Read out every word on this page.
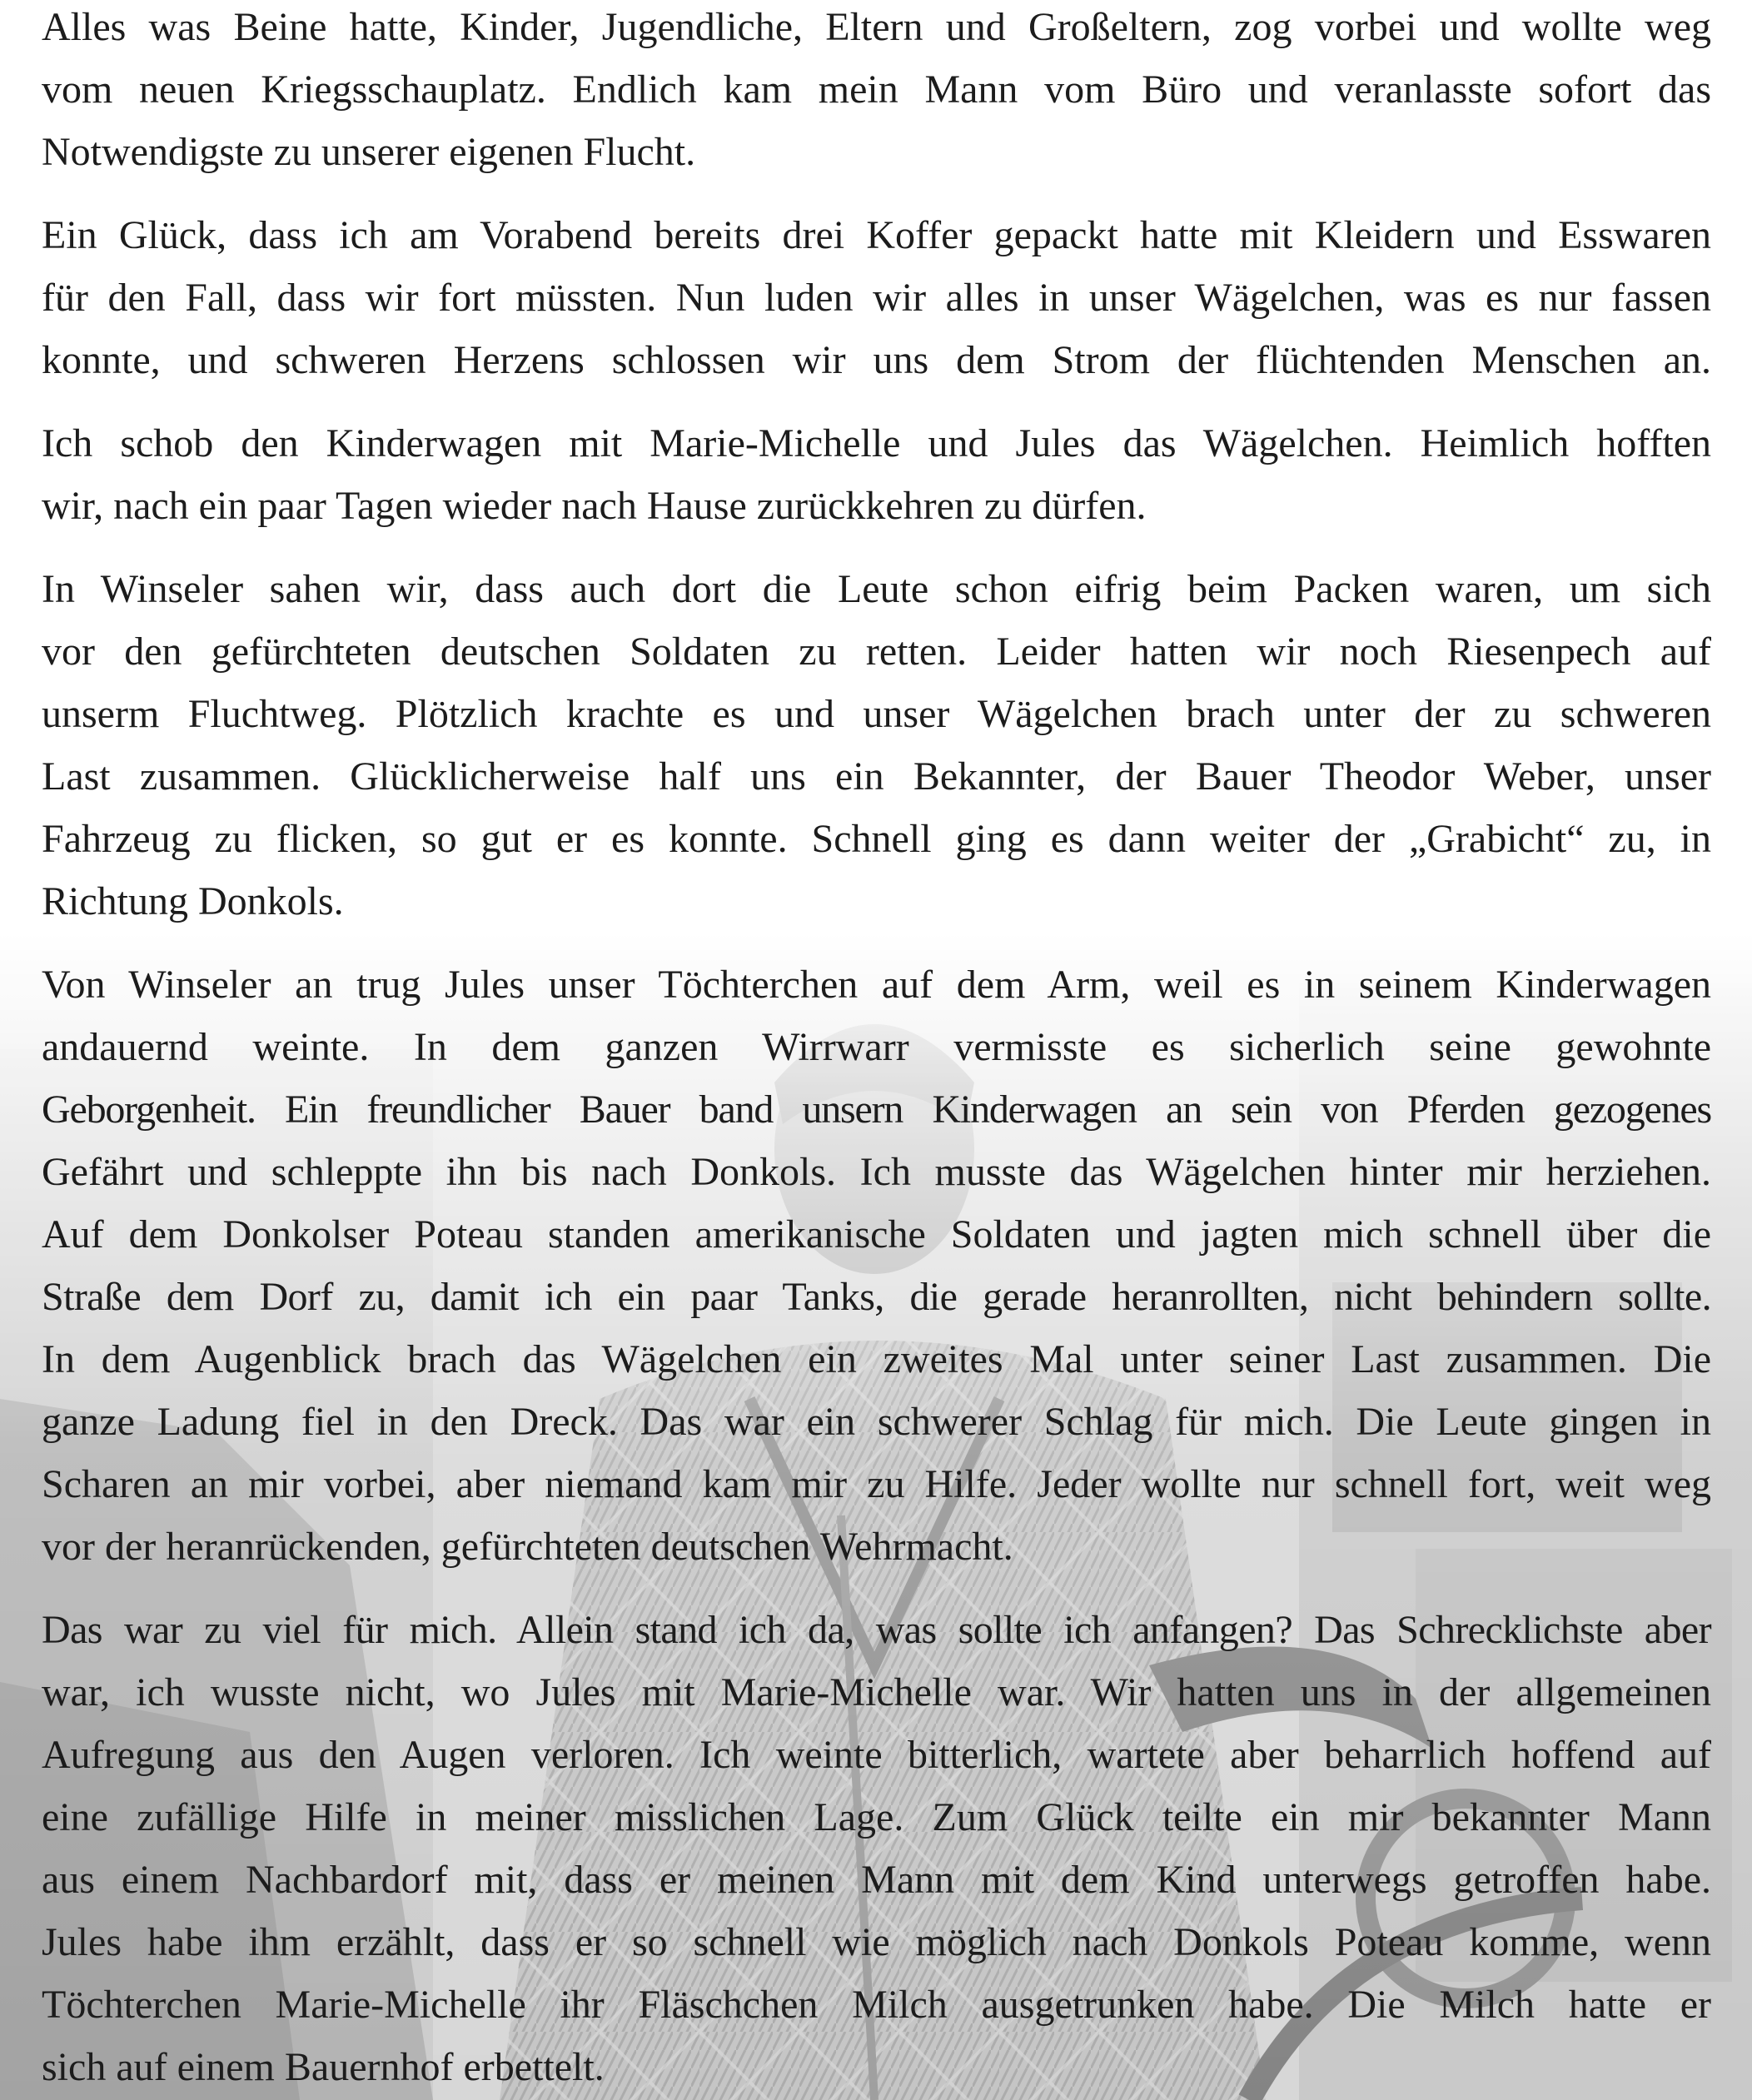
Alles was Beine hatte, Kinder, Jugendliche, Eltern und Großeltern, zog vorbei und wollte weg
vom neuen Kriegsschauplatz. Endlich kam mein Mann vom Büro und veranlasste sofort das
Notwendigste zu unserer eigenen Flucht.

Ein Glück, dass ich am Vorabend bereits drei Koffer gepackt hatte mit Kleidern und Esswaren
für den Fall, dass wir fort müssten. Nun luden wir alles in unser Wägelchen, was es nur fassen
konnte, und schweren Herzens schlossen wir uns dem Strom der flüchtenden Menschen an.

Ich schob den Kinderwagen mit Marie-Michelle und Jules das Wägelchen. Heimlich hofften
wir, nach ein paar Tagen wieder nach Hause zurückkehren zu dürfen.

In Winseler sahen wir, dass auch dort die Leute schon eifrig beim Packen waren, um sich
vor den gefürchteten deutschen Soldaten zu retten. Leider hatten wir noch Riesenpech auf
unserm Fluchtweg. Plötzlich krachte es und unser Wägelchen brach unter der zu schweren
Last zusammen. Glücklicherweise half uns ein Bekannter, der Bauer Theodor Weber, unser
Fahrzeug zu flicken, so gut er es konnte. Schnell ging es dann weiter der „Grabicht“ zu, in
Richtung Donkols.

Von Winseler an trug Jules unser Töchterchen auf dem Arm, weil es in seinem Kinderwagen
andauernd weinte. In dem ganzen Wirrwarr vermisste es sicherlich seine gewohnte
Geborgenheit. Ein freundlicher Bauer band unsern Kinderwagen an sein von Pferden gezogenes
Gefährt und schleppte ihn bis nach Donkols. Ich musste das Wägelchen hinter mir herziehen.
Auf dem Donkolser Poteau standen amerikanische Soldaten und jagten mich schnell über die
Straße dem Dorf zu, damit ich ein paar Tanks, die gerade heranrollten, nicht behindern sollte.
In dem Augenblick brach das Wägelchen ein zweites Mal unter seiner Last zusammen. Die
ganze Ladung fiel in den Dreck. Das war ein schwerer Schlag für mich. Die Leute gingen in
Scharen an mir vorbei, aber niemand kam mir zu Hilfe. Jeder wollte nur schnell fort, weit weg
vor der heranrückenden, gefürchteten deutschen Wehrmacht.

Das war zu viel für mich. Allein stand ich da, was sollte ich anfangen? Das Schrecklichste aber
war, ich wusste nicht, wo Jules mit Marie-Michelle war. Wir hatten uns in der allgemeinen
Aufregung aus den Augen verloren. Ich weinte bitterlich, wartete aber beharrlich hoffend auf
eine zufällige Hilfe in meiner misslichen Lage. Zum Glück teilte ein mir bekannter Mann
aus einem Nachbardorf mit, dass er meinen Mann mit dem Kind unterwegs getroffen habe.
Jules habe ihm erzählt, dass er so schnell wie möglich nach Donkols Poteau komme, wenn
Töchterchen Marie-Michelle ihr Fläschchen Milch ausgetrunken habe. Die Milch hatte er
sich auf einem Bauernhof erbettelt.
